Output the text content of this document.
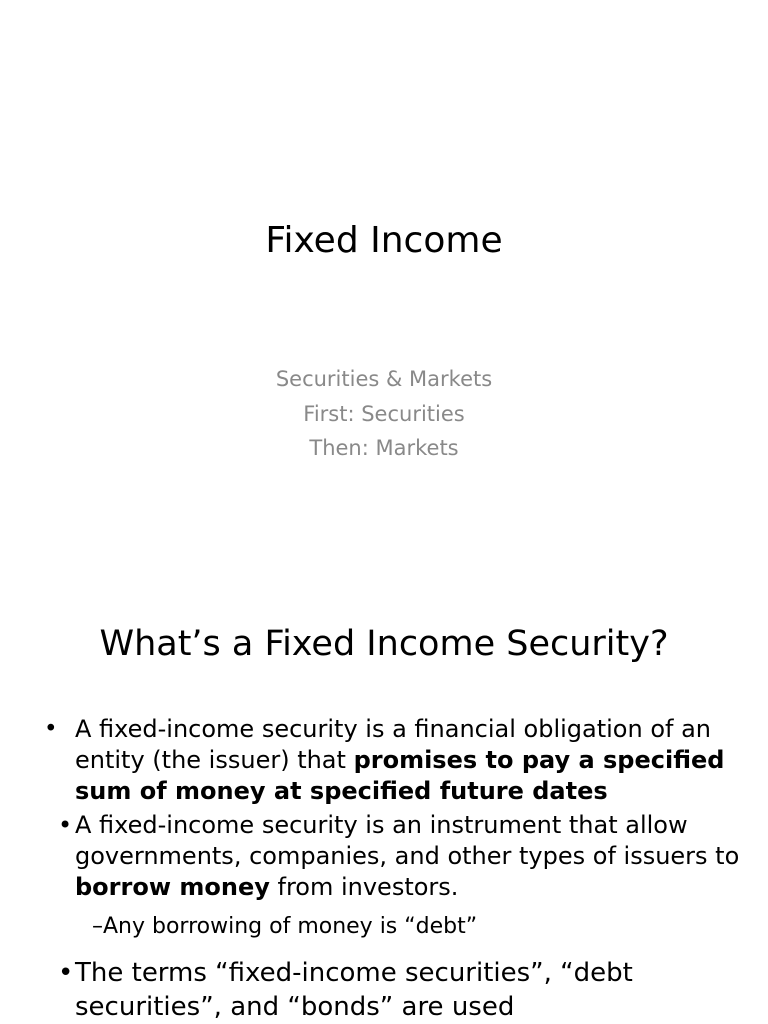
Fixed Income
Securities & Markets
First: Securities
Then: Markets
What’s a Fixed Income Security?
• A fixed-income security is a financial obligation of an entity (the issuer) that promises to pay a specified sum of money at specified future dates
• A fixed-income security is an instrument that allow governments, companies, and other types of issuers to borrow money from investors.
–Any borrowing of money is “debt”
• The terms “fixed-income securities”, “debt securities”, and “bonds” are used
